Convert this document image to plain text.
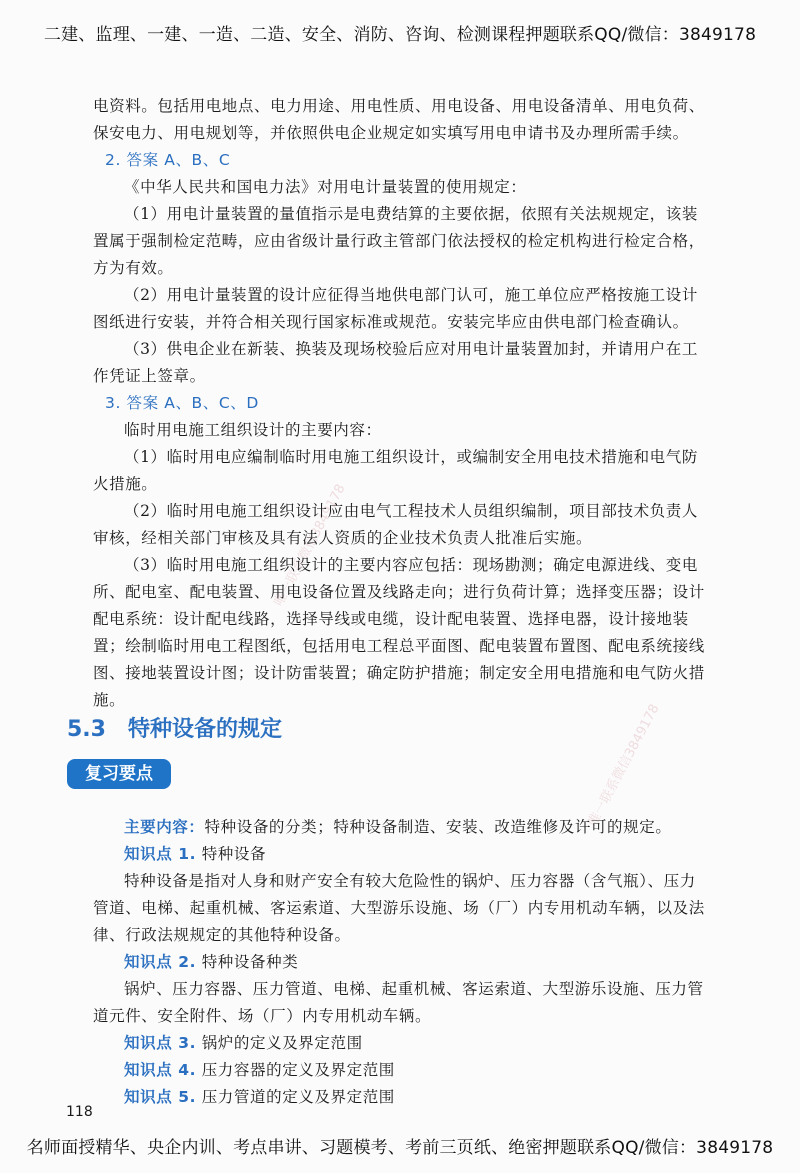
二建、监理、一建、一造、二造、安全、消防、咨询、检测课程押题联系QQ/微信：3849178
唯一联系微信3849178
唯一联系微信3849178

电资料。包括用电地点、电力用途、用电性质、用电设备、用电设备清单、用电负荷、保安电力、用电规划等，并依照供电企业规定如实填写用电申请书及办理所需手续。

2. 答案 A、B、C

《中华人民共和国电力法》对用电计量装置的使用规定：

（1）用电计量装置的量值指示是电费结算的主要依据，依照有关法规规定，该装置属于强制检定范畴，应由省级计量行政主管部门依法授权的检定机构进行检定合格，方为有效。

（2）用电计量装置的设计应征得当地供电部门认可，施工单位应严格按施工设计图纸进行安装，并符合相关现行国家标准或规范。安装完毕应由供电部门检查确认。

（3）供电企业在新装、换装及现场校验后应对用电计量装置加封，并请用户在工作凭证上签章。

3. 答案 A、B、C、D

临时用电施工组织设计的主要内容：

（1）临时用电应编制临时用电施工组织设计，或编制安全用电技术措施和电气防火措施。

（2）临时用电施工组织设计应由电气工程技术人员组织编制，项目部技术负责人审核，经相关部门审核及具有法人资质的企业技术负责人批准后实施。

（3）临时用电施工组织设计的主要内容应包括：现场勘测；确定电源进线、变电所、配电室、配电装置、用电设备位置及线路走向；进行负荷计算；选择变压器；设计配电系统：设计配电线路，选择导线或电缆，设计配电装置、选择电器，设计接地装置；绘制临时用电工程图纸，包括用电工程总平面图、配电装置布置图、配电系统接线图、接地装置设计图；设计防雷装置；确定防护措施；制定安全用电措施和电气防火措施。

5.3 特种设备的规定
复习要点

主要内容：特种设备的分类；特种设备制造、安装、改造维修及许可的规定。

知识点 1. 特种设备

特种设备是指对人身和财产安全有较大危险性的锅炉、压力容器（含气瓶）、压力管道、电梯、起重机械、客运索道、大型游乐设施、场（厂）内专用机动车辆，以及法律、行政法规规定的其他特种设备。

知识点 2. 特种设备种类

锅炉、压力容器、压力管道、电梯、起重机械、客运索道、大型游乐设施、压力管道元件、安全附件、场（厂）内专用机动车辆。

知识点 3. 锅炉的定义及界定范围

知识点 4. 压力容器的定义及界定范围

知识点 5. 压力管道的定义及界定范围

118
名师面授精华、央企内训、考点串讲、习题模考、考前三页纸、绝密押题联系QQ/微信：3849178
